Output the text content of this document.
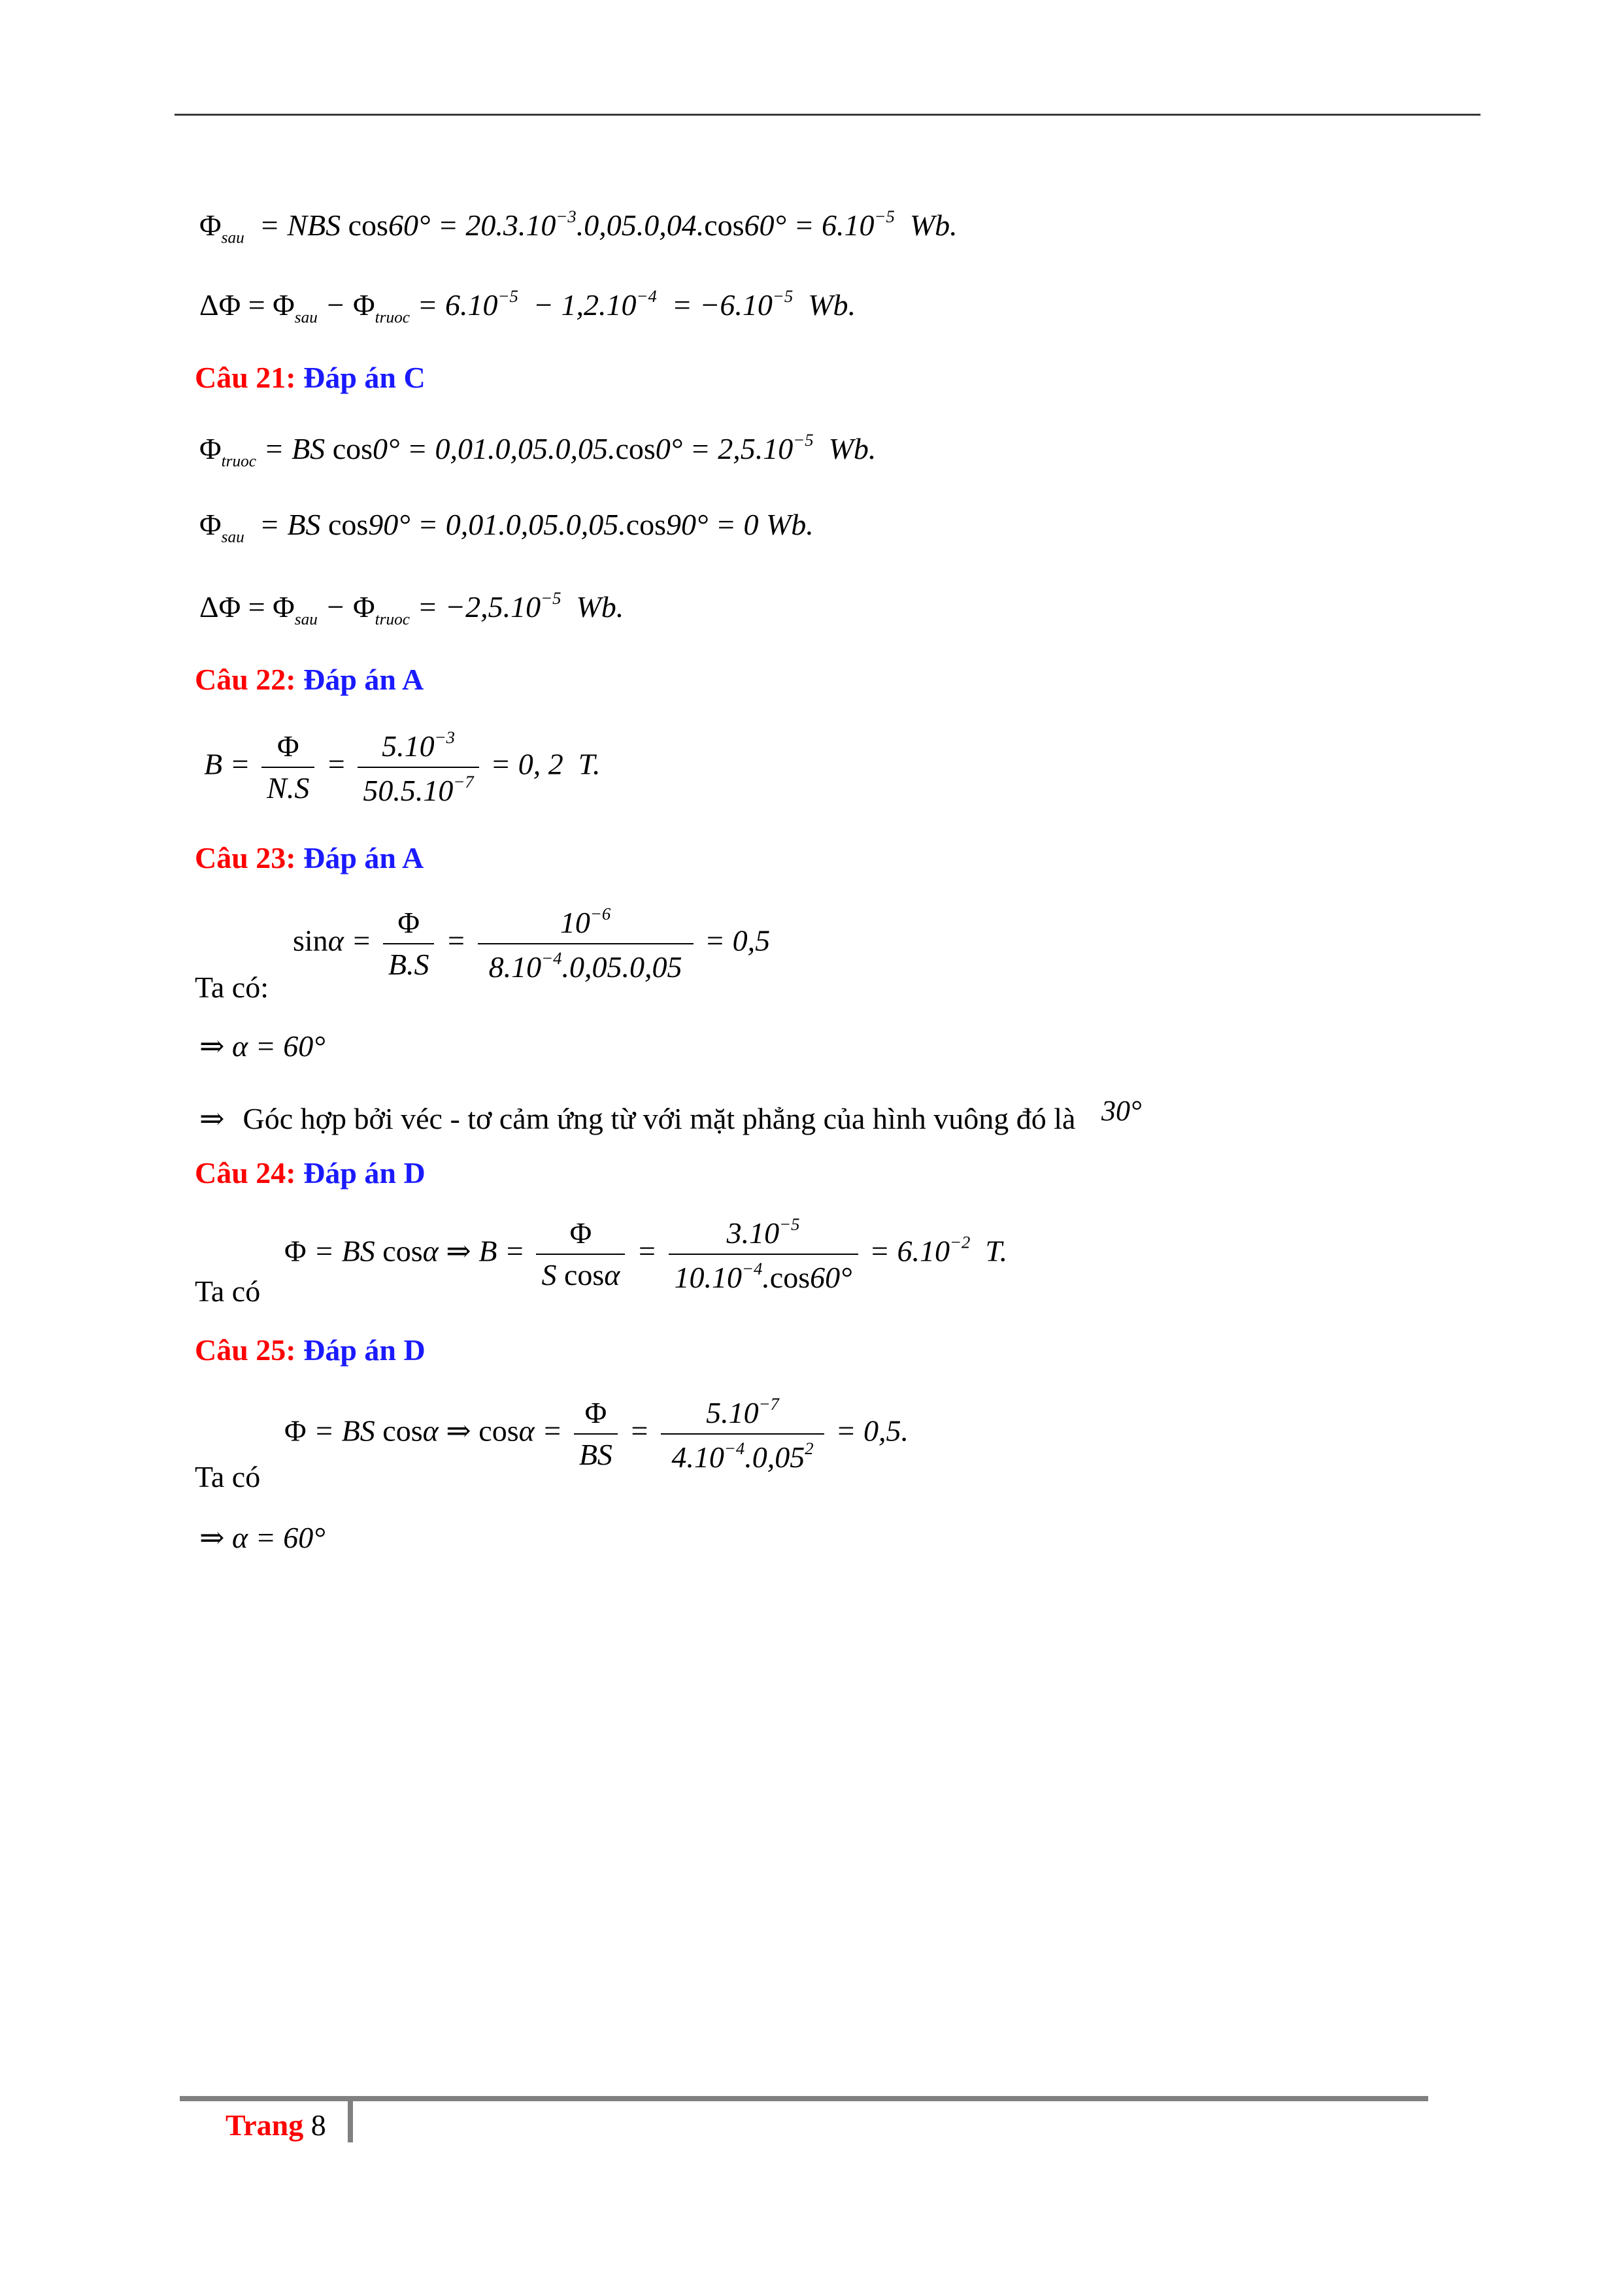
$\Phi_{sau}$  = NBS $\cos 60^\circ = 20.3.10^{-3}.0,05.0,04.\cos 60^\circ = 6.10^{-5}$ Wb.
$\Delta\Phi = \Phi_{sau} - \Phi_{truoc} = 6.10^{-5} - 1,2.10^{-4} = -6.10^{-5}$ Wb.
Câu 21: Đáp án C
$\Phi_{truoc}$ = BS $\cos 0^\circ = 0,01.0,05.0,05.\cos 0^\circ = 2,5.10^{-5}$ Wb.
$\Phi_{sau}$  = BS cos90° = 0,01.0,05.0,05.cos90° = 0 Wb.
$\Delta\Phi = \Phi_{sau} - \Phi_{truoc} = -2,5.10^{-5}$ Wb.
Câu 22: Đáp án A
$B = \frac{\Phi}{N.S} = \frac{5.10^{-3}}{50.5.10^{-7}} = 0$, 2  T.
Câu 23: Đáp án A
Ta có:
$\sin\alpha = \frac{\Phi}{B.S} = \frac{10^{-6}}{8.10^{-4}.0,05.0,05} = 0,5$
⇒ α = 60°
⇒ Góc hợp bởi véc - tơ cảm ứng từ với mặt phẳng của hình vuông đó là 30°
Câu 24: Đáp án D
Ta có
Φ = BS cosα ⇒ $B = \frac{\Phi}{\text{S cosα}} = \frac{3.10^{-5}}{10.10^{-4}.\cos 60^\circ} = 6.10^{-2}$ T.
Câu 25: Đáp án D
Ta có
Φ = BS cosα ⇒ $\cos\alpha = \frac{\Phi}{BS} = \frac{5.10^{-7}}{4.10^{-4}.0,05^2} = 0,5$.
⇒ α = 60°
Trang 8
